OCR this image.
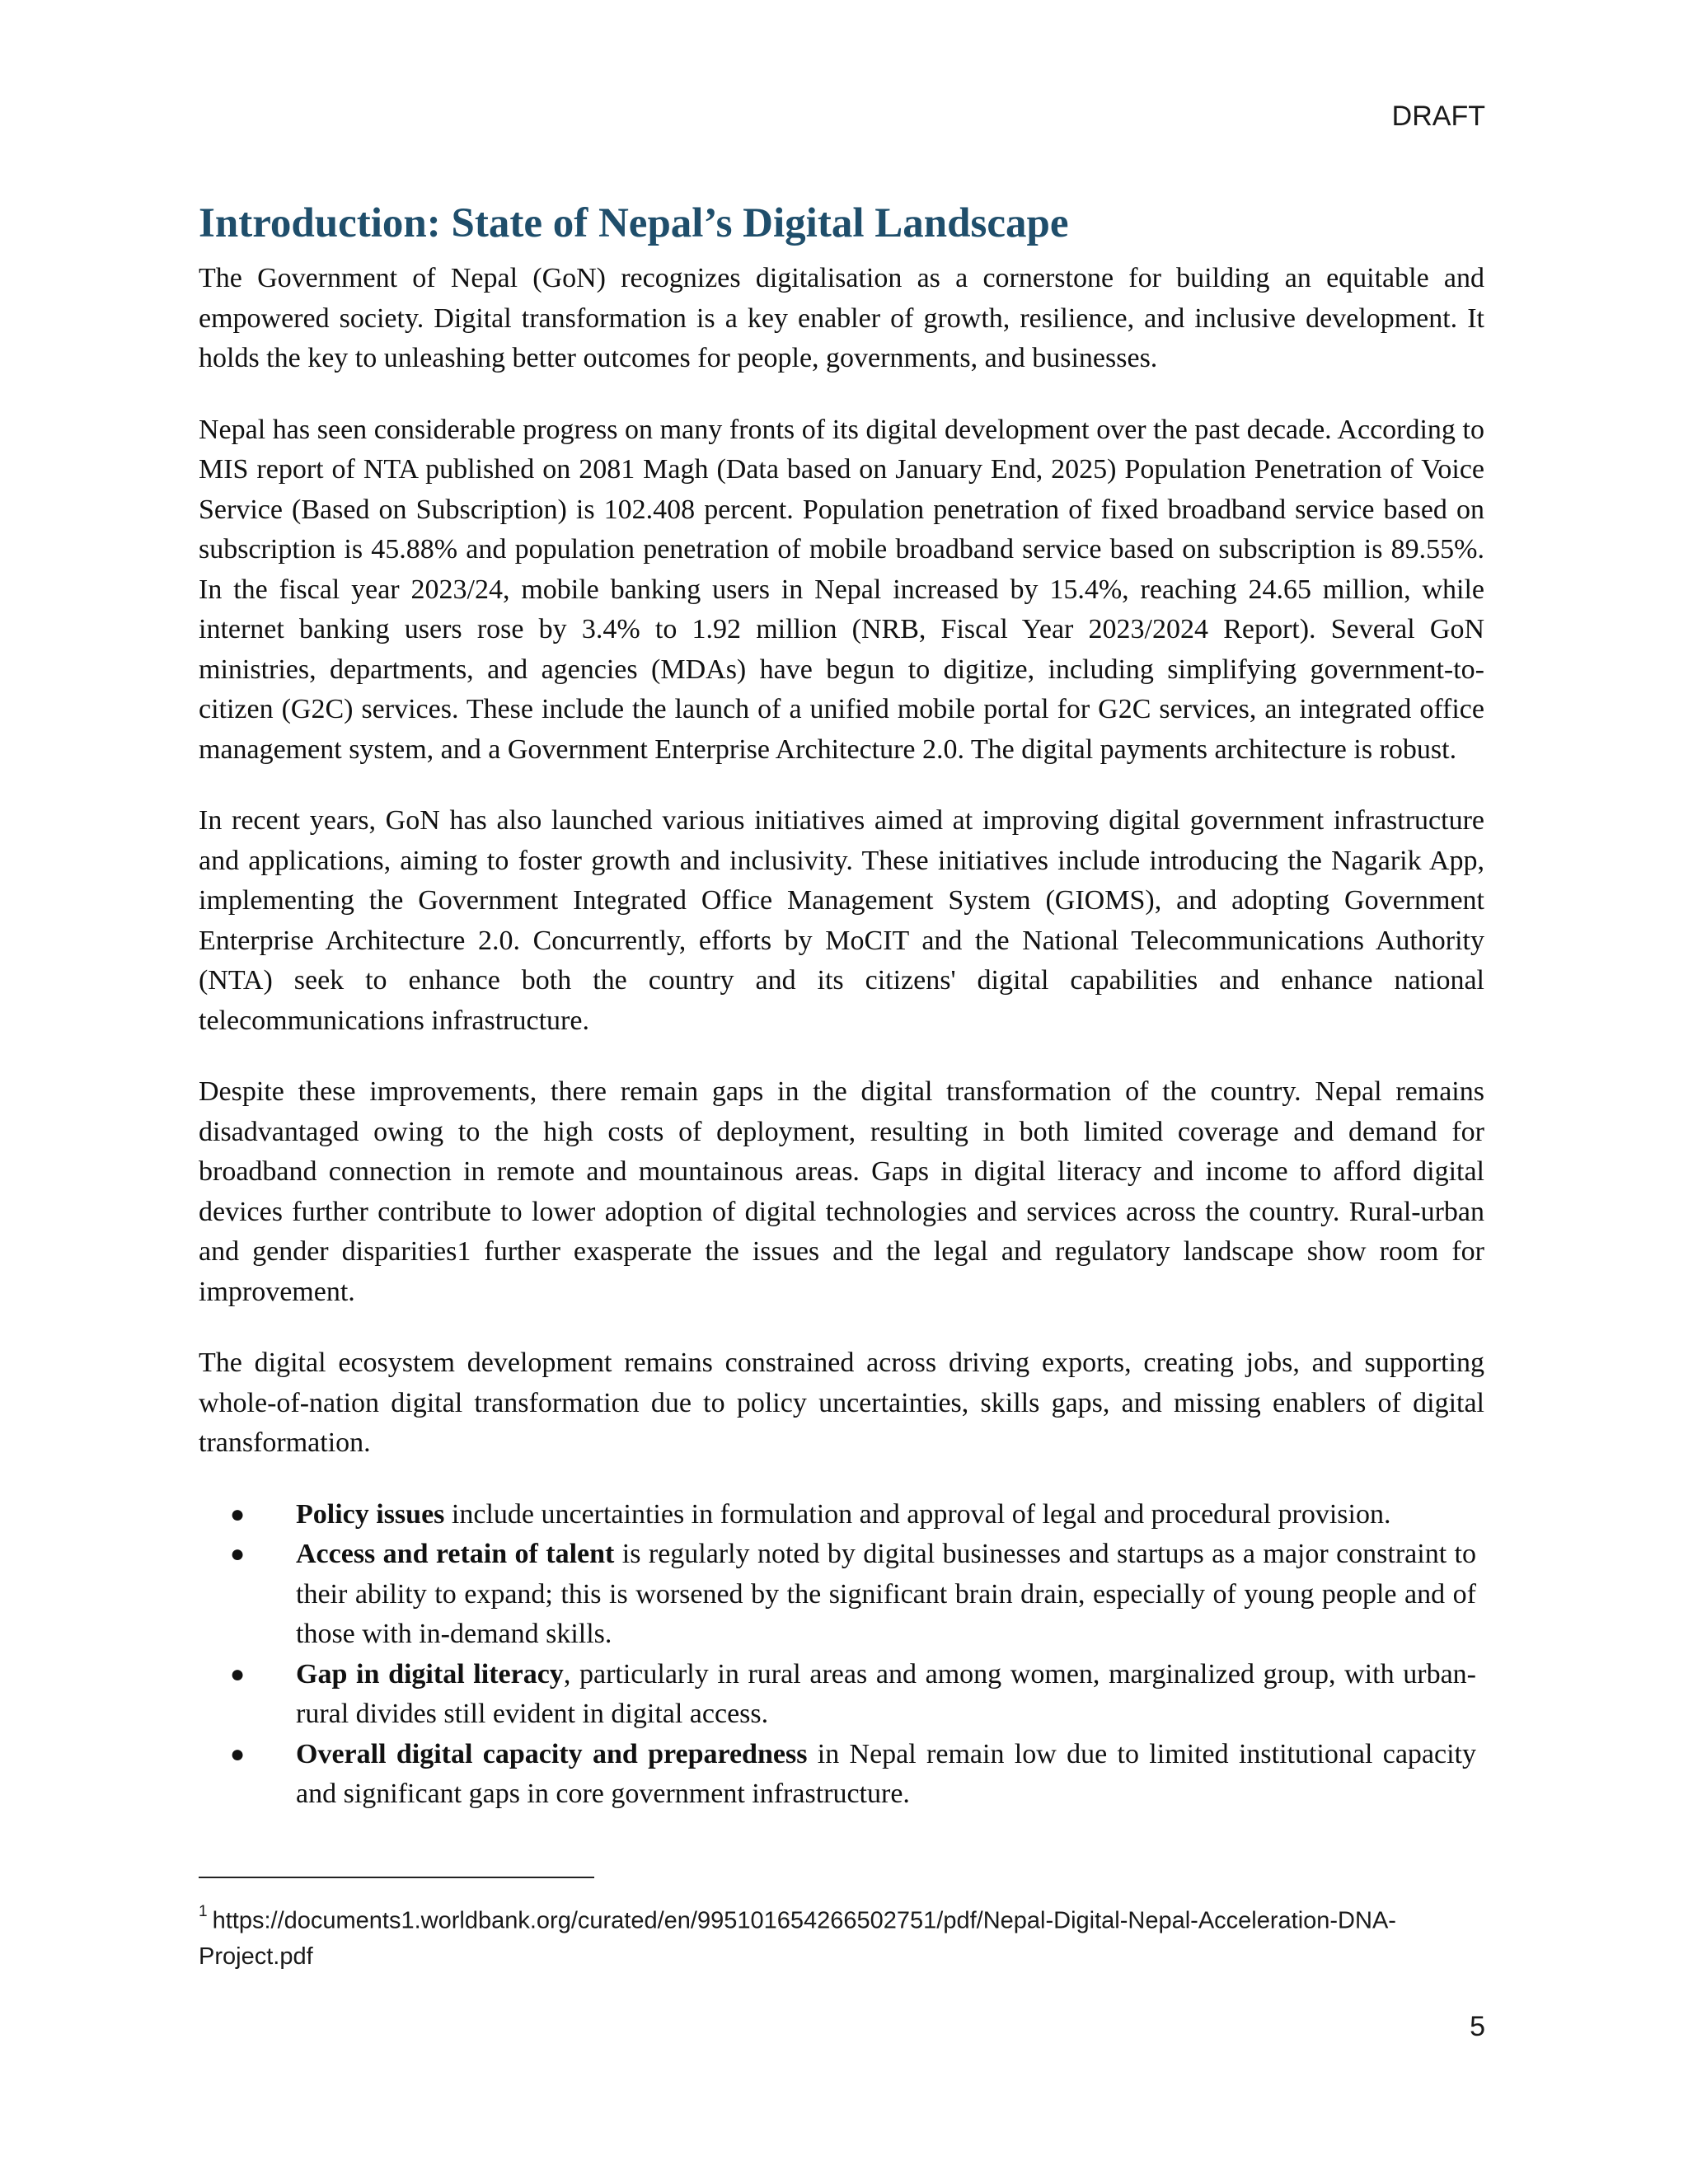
DRAFT
Introduction: State of Nepal’s Digital Landscape

The Government of Nepal (GoN) recognizes digitalisation as a cornerstone for building an equitable and empowered society. Digital transformation is a key enabler of growth, resilience, and inclusive development. It holds the key to unleashing better outcomes for people, governments, and businesses.

Nepal has seen considerable progress on many fronts of its digital development over the past decade. According to MIS report of NTA published on 2081 Magh (Data based on January End, 2025) Population Penetration of Voice Service (Based on Subscription) is 102.408 percent. Population penetration of fixed broadband service based on subscription is 45.88% and population penetration of mobile broadband service based on subscription is 89.55%. In the fiscal year 2023/24, mobile banking users in Nepal increased by 15.4%, reaching 24.65 million, while internet banking users rose by 3.4% to 1.92 million (NRB, Fiscal Year 2023/2024 Report). Several GoN ministries, departments, and agencies (MDAs) have begun to digitize, including simplifying government-to-citizen (G2C) services. These include the launch of a unified mobile portal for G2C services, an integrated office management system, and a Government Enterprise Architecture 2.0. The digital payments architecture is robust.

In recent years, GoN has also launched various initiatives aimed at improving digital government infrastructure and applications, aiming to foster growth and inclusivity. These initiatives include introducing the Nagarik App, implementing the Government Integrated Office Management System (GIOMS), and adopting Government Enterprise Architecture 2.0. Concurrently, efforts by MoCIT and the National Telecommunications Authority (NTA) seek to enhance both the country and its citizens' digital capabilities and enhance national telecommunications infrastructure.

Despite these improvements, there remain gaps in the digital transformation of the country. Nepal remains disadvantaged owing to the high costs of deployment, resulting in both limited coverage and demand for broadband connection in remote and mountainous areas. Gaps in digital literacy and income to afford digital devices further contribute to lower adoption of digital technologies and services across the country. Rural-urban and gender disparities1 further exasperate the issues and the legal and regulatory landscape show room for improvement.

The digital ecosystem development remains constrained across driving exports, creating jobs, and supporting whole-of-nation digital transformation due to policy uncertainties, skills gaps, and missing enablers of digital transformation.

● Policy issues include uncertainties in formulation and approval of legal and procedural provision.
● Access and retain of talent is regularly noted by digital businesses and startups as a major constraint to their ability to expand; this is worsened by the significant brain drain, especially of young people and of those with in-demand skills.
● Gap in digital literacy, particularly in rural areas and among women, marginalized group, with urban-rural divides still evident in digital access.
● Overall digital capacity and preparedness in Nepal remain low due to limited institutional capacity and significant gaps in core government infrastructure.
$^1$ https://documents1.worldbank.org/curated/en/995101654266502751/pdf/Nepal-Digital-Nepal-Acceleration-DNA-Project.pdf
5
